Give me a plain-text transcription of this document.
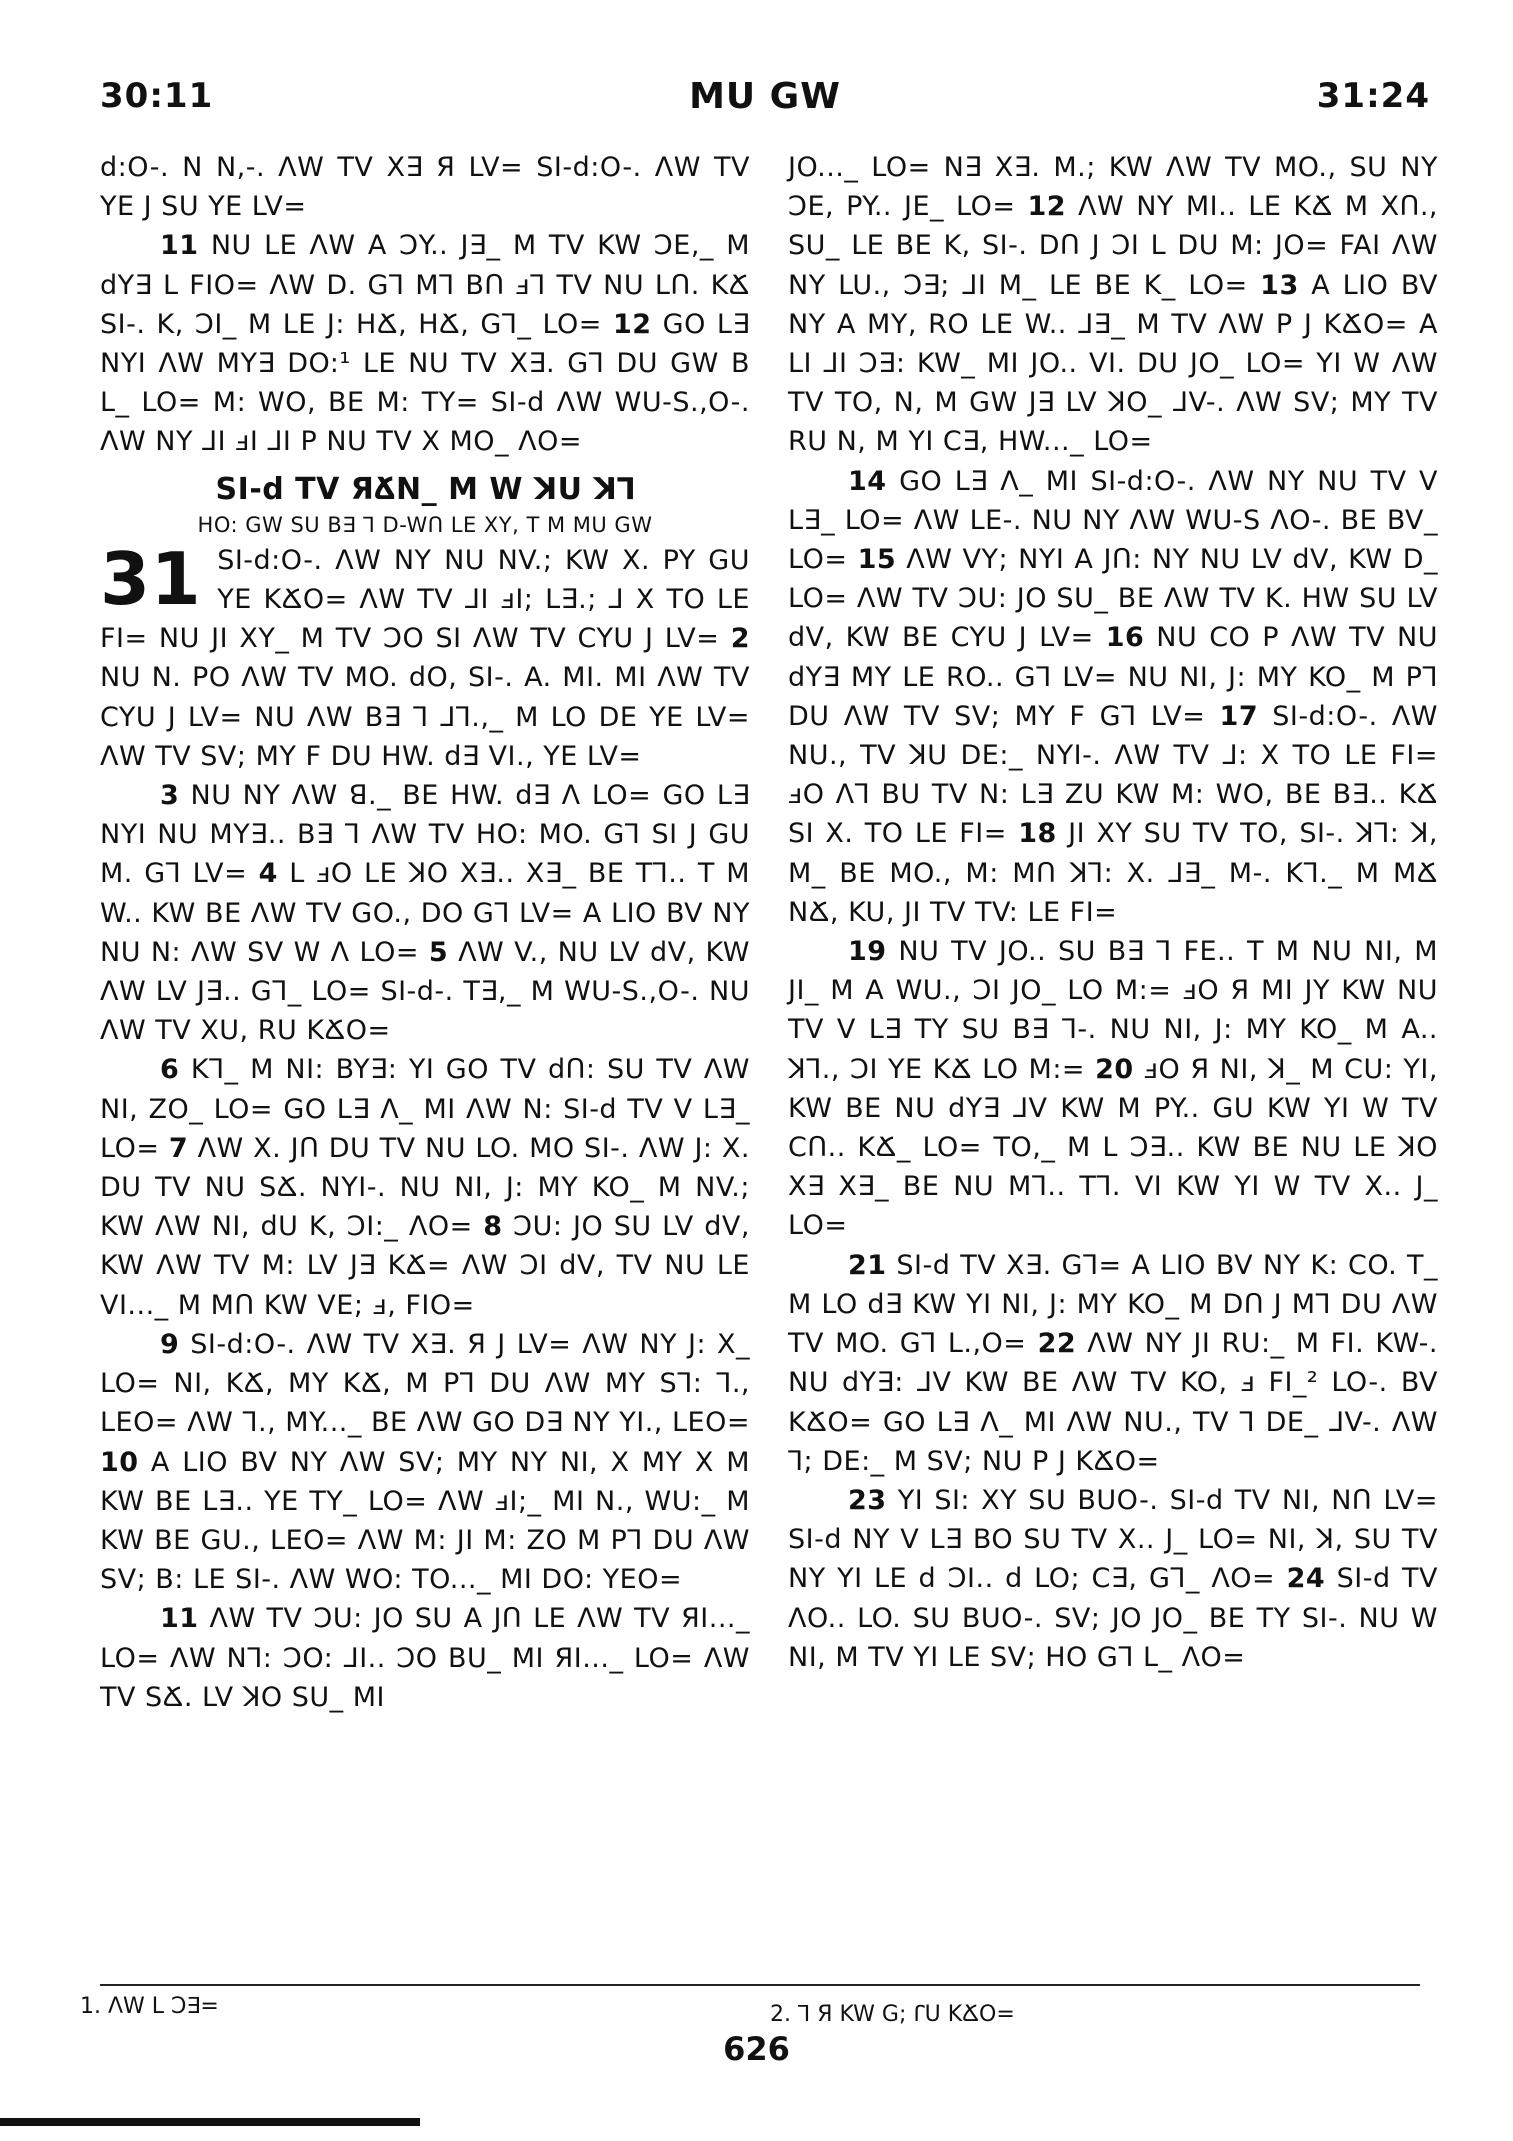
30:11	MU GW	31:24

d:O-. N N,-. ΛW TV X∃ Я LV= SI-d:O-. ΛW TV YE J SU YE LV=

11 NU LE ΛW A ƆY.. J∃_ M TV KW ƆE,_ M dY∃ L FIO= ΛW D. G⅂ M⅂ BՈ ⅎ⅂ TV NU LՈ. KՃ SI-. K, ƆI_ M LE J: HՃ, HՃ, G⅂_ LO= 12 GO L∃ NYI ΛW MY∃ DO:¹ LE NU TV X∃. G⅂ DU GW B L_ LO= M: WO, BE M: TY= SI-d ΛW WU-S.,O-. ΛW NY ⅃I ⅎI ⅃I P NU TV X MO_ ΛO=

SI-d TV ЯՃN_ M W ꓘU ꓘ⅂
HO: GW SU B∃ ⅂ D-WՈ LE XY, T M MU GW
31 SI-d:O-. ΛW NY NU NV.; KW X. PY GU YE KՃO= ΛW TV ⅃I ⅎI; L∃.; ⅃ X TO LE FI= NU JI XY_ M TV ƆO SI ΛW TV CYU J LV= 2 NU N. PO ΛW TV MO. dO, SI-. A. MI. MI ΛW TV CYU J LV= NU ΛW B∃ ⅂ ⅃⅂.,_ M LO DE YE LV= ΛW TV SV; MY F DU HW. d∃ VI., YE LV=

3 NU NY ΛW ꓭ._ BE HW. d∃ Λ LO= GO L∃ NYI NU MY∃.. B∃ ⅂ ΛW TV HO: MO. G⅂ SI J GU M. G⅂ LV= 4 L ⅎO LE ꓘO X∃.. X∃_ BE T⅂.. T M W.. KW BE ΛW TV GO., DO G⅂ LV= A LIO BV NY NU N: ΛW SV W Λ LO= 5 ΛW V., NU LV dV, KW ΛW LV J∃.. G⅂_ LO= SI-d-. T∃,_ M WU-S.,O-. NU ΛW TV XU, RU KՃO=

6 K⅂_ M NI: BY∃: YI GO TV dՈ: SU TV ΛW NI, ZO_ LO= GO L∃ Λ_ MI ΛW N: SI-d TV V L∃_ LO= 7 ΛW X. JՈ DU TV NU LO. MO SI-. ΛW J: X. DU TV NU SՃ. NYI-. NU NI, J: MY KO_ M NV.; KW ΛW NI, dU K, ƆI:_ ΛO= 8 ƆU: JO SU LV dV, KW ΛW TV M: LV J∃ KՃ= ΛW ƆI dV, TV NU LE VI..._ M MՈ KW VE; ⅎ, FIO=

9 SI-d:O-. ΛW TV X∃. Я J LV= ΛW NY J: X_ LO= NI, KՃ, MY KՃ, M P⅂ DU ΛW MY S⅂: ⅂., LEO= ΛW ⅂., MY..._ BE ΛW GO D∃ NY YI., LEO= 10 A LIO BV NY ΛW SV; MY NY NI, X MY X M KW BE L∃.. YE TY_ LO= ΛW ⅎI;_ MI N., WU:_ M KW BE GU., LEO= ΛW M: JI M: ZO M P⅂ DU ΛW SV; B: LE SI-. ΛW WO: TO..._ MI DO: YEO=

11 ΛW TV ƆU: JO SU A JՈ LE ΛW TV ЯI..._ LO= ΛW N⅂: ƆO: ⅃I.. ƆO BU_ MI ЯI..._ LO= ΛW TV SՃ. LV ꓘO SU_ MI

JO..._ LO= N∃ X∃. M.; KW ΛW TV MO., SU NY ƆE, PY.. JE_ LO= 12 ΛW NY MI.. LE KՃ M XՈ., SU_ LE BE K, SI-. DՈ J ƆI L DU M: JO= FAI ΛW NY LU., Ɔ∃; ⅃I M_ LE BE K_ LO= 13 A LIO BV NY A MY, RO LE W.. ⅃∃_ M TV ΛW P J KՃO= A LI ⅃I Ɔ∃: KW_ MI JO.. VI. DU JO_ LO= YI W ΛW TV TO, N, M GW J∃ LV ꓘO_ ⅃V-. ΛW SV; MY TV RU N, M YI C∃, HW..._ LO=

14 GO L∃ Λ_ MI SI-d:O-. ΛW NY NU TV V L∃_ LO= ΛW LE-. NU NY ΛW WU-S ΛO-. BE BV_ LO= 15 ΛW VY; NYI A JՈ: NY NU LV dV, KW D_ LO= ΛW TV ƆU: JO SU_ BE ΛW TV K. HW SU LV dV, KW BE CYU J LV= 16 NU CO P ΛW TV NU dY∃ MY LE RO.. G⅂ LV= NU NI, J: MY KO_ M P⅂ DU ΛW TV SV; MY F G⅂ LV= 17 SI-d:O-. ΛW NU., TV ꓘU DE:_ NYI-. ΛW TV ⅃: X TO LE FI= ⅎO Λ⅂ BU TV N: L∃ ZU KW M: WO, BE B∃.. KՃ SI X. TO LE FI= 18 JI XY SU TV TO, SI-. ꓘ⅂: ꓘ, M_ BE MO., M: MՈ ꓘ⅂: X. ⅃∃_ M-. K⅂._ M MՃ NՃ, KU, JI TV TV: LE FI=

19 NU TV JO.. SU B∃ ⅂ FE.. T M NU NI, M JI_ M A WU., ƆI JO_ LO M:= ⅎO Я MI JY KW NU TV V L∃ TY SU B∃ ⅂-. NU NI, J: MY KO_ M A.. ꓘ⅂., ƆI YE KՃ LO M:= 20 ⅎO Я NI, ꓘ_ M CU: YI, KW BE NU dY∃ ⅃V KW M PY.. GU KW YI W TV CՈ.. KՃ_ LO= TO,_ M L Ɔ∃.. KW BE NU LE ꓘO X∃ X∃_ BE NU M⅂.. T⅂. VI KW YI W TV X.. J_ LO=

21 SI-d TV X∃. G⅂= A LIO BV NY K: CO. T_ M LO d∃ KW YI NI, J: MY KO_ M DՈ J M⅂ DU ΛW TV MO. G⅂ L.,O= 22 ΛW NY JI RU:_ M FI. KW-. NU dY∃: ⅃V KW BE ΛW TV KO, ⅎ FI_² LO-. BV KՃO= GO L∃ Λ_ MI ΛW NU., TV ⅂ DE_ ⅃V-. ΛW ⅂; DE:_ M SV; NU P J KՃO=

23 YI SI: XY SU BUO-. SI-d TV NI, NՈ LV= SI-d NY V L∃ BO SU TV X.. J_ LO= NI, ꓘ, SU TV NY YI LE d ƆI.. d LO; C∃, G⅂_ ΛO= 24 SI-d TV ΛO.. LO. SU BUO-. SV; JO JO_ BE TY SI-. NU W NI, M TV YI LE SV; HO G⅂ L_ ΛO=

1. ΛW L Ɔ∃=	2. ⅂ Я KW G; ꓩU KՃO=
626
